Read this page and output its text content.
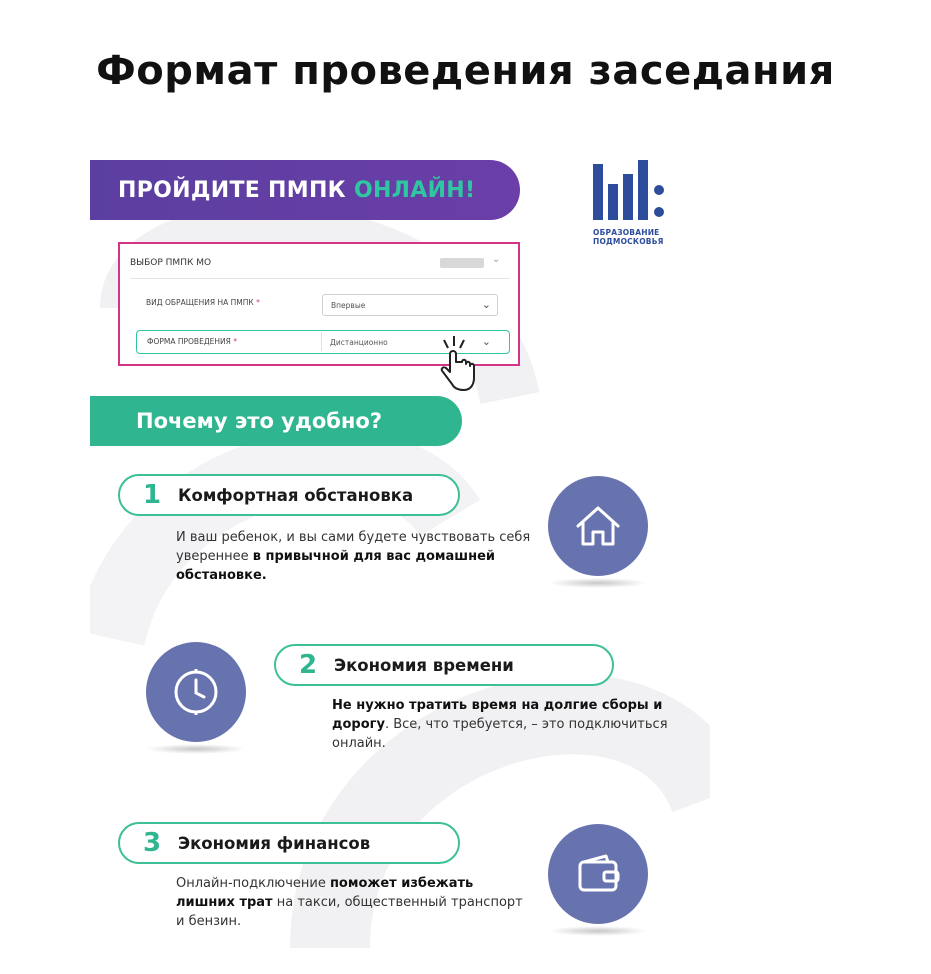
Формат проведения заседания
ПРОЙДИТЕ ПМПК ОНЛАЙН!
ОБРАЗОВАНИЕ
ПОДМОСКОВЬЯ
ВЫБОР ПМПК МО	⌄
ВИД ОБРАЩЕНИЯ НА ПМПК *	Впервые	⌄
ФОРМА ПРОВЕДЕНИЯ *	Дистанционно	⌄
Почему это удобно?
1	Комфортная обстановка
И ваш ребенок, и вы сами будете чувствовать себя увереннее в привычной для вас домашней обстановке.
2	Экономия времени
Не нужно тратить время на долгие сборы и дорогу. Все, что требуется, – это подключиться онлайн.
3	Экономия финансов
Онлайн-подключение поможет избежать лишних трат на такси, общественный транспорт и бензин.
